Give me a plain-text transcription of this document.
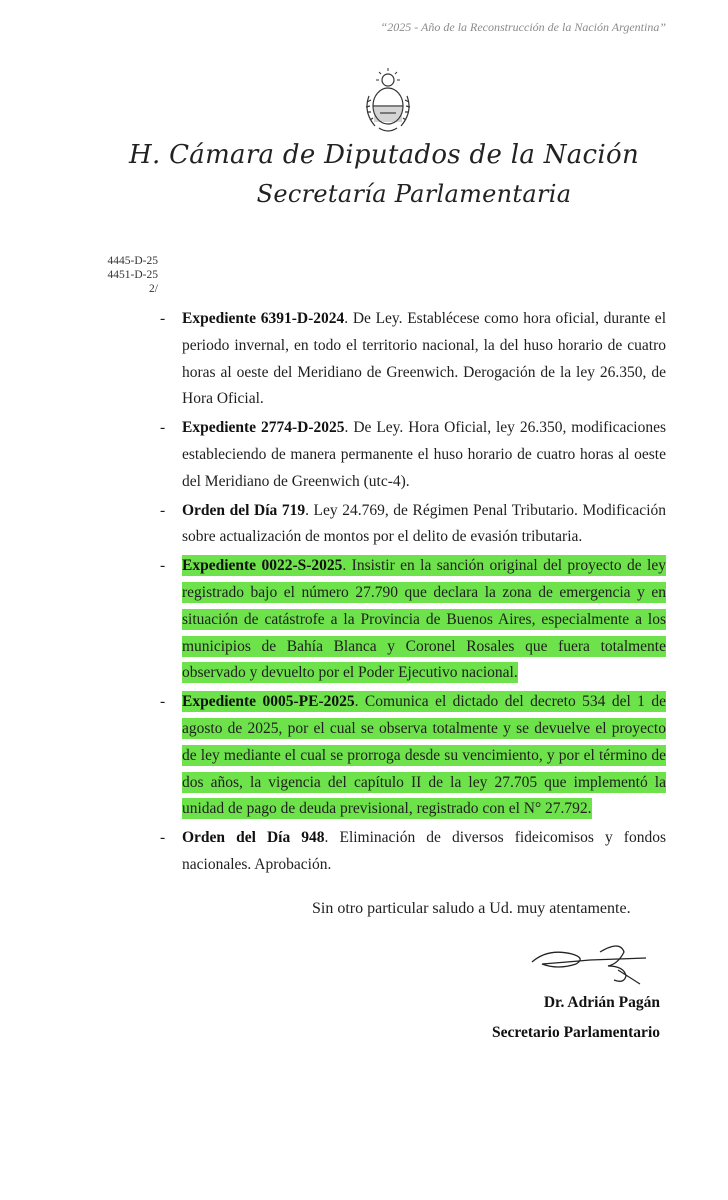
“2025 - Año de la Reconstrucción de la Nación Argentina”
H. Cámara de Diputados de la Nación
Secretaría Parlamentaria
4445-D-25
4451-D-25
2/
- Expediente 6391-D-2024. De Ley. Establécese como hora oficial, durante el periodo invernal, en todo el territorio nacional, la del huso horario de cuatro horas al oeste del Meridiano de Greenwich. Derogación de la ley 26.350, de Hora Oficial.
- Expediente 2774-D-2025. De Ley. Hora Oficial, ley 26.350, modificaciones estableciendo de manera permanente el huso horario de cuatro horas al oeste del Meridiano de Greenwich (utc-4).
- Orden del Día 719. Ley 24.769, de Régimen Penal Tributario. Modificación sobre actualización de montos por el delito de evasión tributaria.
- Expediente 0022-S-2025. Insistir en la sanción original del proyecto de ley registrado bajo el número 27.790 que declara la zona de emergencia y en situación de catástrofe a la Provincia de Buenos Aires, especialmente a los municipios de Bahía Blanca y Coronel Rosales que fuera totalmente observado y devuelto por el Poder Ejecutivo nacional.
- Expediente 0005-PE-2025. Comunica el dictado del decreto 534 del 1 de agosto de 2025, por el cual se observa totalmente y se devuelve el proyecto de ley mediante el cual se prorroga desde su vencimiento, y por el término de dos años, la vigencia del capítulo II de la ley 27.705 que implementó la unidad de pago de deuda previsional, registrado con el N° 27.792.
- Orden del Día 948. Eliminación de diversos fideicomisos y fondos nacionales. Aprobación.
Sin otro particular saludo a Ud. muy atentamente.
Dr. Adrián Pagán
Secretario Parlamentario
